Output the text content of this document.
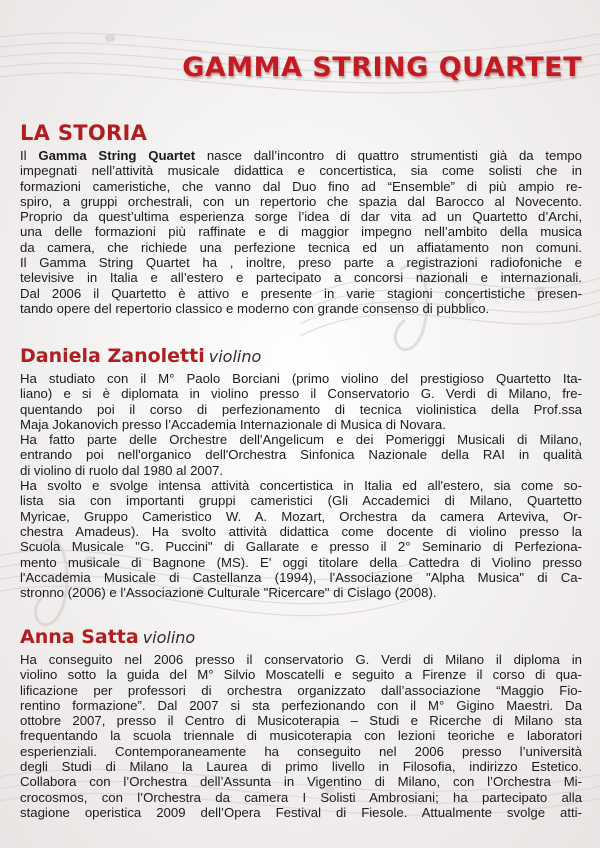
GAMMA STRING QUARTET
LA STORIA

Il Gamma String Quartet nasce dall’incontro di quattro strumentisti già da tempo
impegnati nell’attività musicale didattica e concertistica, sia come solisti che in
formazioni cameristiche, che vanno dal Duo fino ad “Ensemble” di più ampio re-
spiro, a gruppi orchestrali, con un repertorio che spazia dal Barocco al Novecento.
Proprio da quest’ultima esperienza sorge l’idea di dar vita ad un Quartetto d’Archi,
una delle formazioni più raffinate e di maggior impegno nell’ambito della musica
da camera, che richiede una perfezione tecnica ed un affiatamento non comuni.
Il Gamma String Quartet ha , inoltre, preso parte a registrazioni radiofoniche e
televisive in Italia e all’estero e partecipato a concorsi nazionali e internazionali.
Dal 2006 il Quartetto è attivo e presente in varie stagioni concertistiche presen-
tando opere del repertorio classico e moderno con grande consenso di pubblico.

Daniela Zanoletti violino

Ha studiato con il M° Paolo Borciani (primo violino del prestigioso Quartetto Ita-
liano) e si è diplomata in violino presso il Conservatorio G. Verdi di Milano, fre-
quentando poi il corso di perfezionamento di tecnica violinistica della Prof.ssa
Maja Jokanovich presso l’Accademia Internazionale di Musica di Novara.
Ha fatto parte delle Orchestre dell'Angelicum e dei Pomeriggi Musicali di Milano,
entrando poi nell'organico dell'Orchestra Sinfonica Nazionale della RAI in qualità
di violino di ruolo dal 1980 al 2007.
Ha svolto e svolge intensa attività concertistica in Italia ed all'estero, sia come so-
lista sia con importanti gruppi cameristici (Gli Accademici di Milano, Quartetto
Myricae, Gruppo Cameristico W. A. Mozart, Orchestra da camera Arteviva, Or-
chestra Amadeus). Ha svolto attività didattica come docente di violino presso la
Scuola Musicale "G. Puccini" di Gallarate e presso il 2° Seminario di Perfeziona-
mento musicale di Bagnone (MS). E' oggi titolare della Cattedra di Violino presso
l'Accademia Musicale di Castellanza (1994), l'Associazione "Alpha Musica" di Ca-
stronno (2006) e l'Associazione Culturale "Ricercare" di Cislago (2008).

Anna Satta violino

Ha conseguito nel 2006 presso il conservatorio G. Verdi di Milano il diploma in
violino sotto la guida del M° Silvio Moscatelli e seguito a Firenze il corso di qua-
lificazione per professori di orchestra organizzato dall’associazione “Maggio Fio-
rentino formazione”. Dal 2007 si sta perfezionando con il M° Gigino Maestri. Da
ottobre 2007, presso il Centro di Musicoterapia – Studi e Ricerche di Milano sta
frequentando la scuola triennale di musicoterapia con lezioni teoriche e laboratori
esperienziali. Contemporaneamente ha conseguito nel 2006 presso l’università
degli Studi di Milano la Laurea di primo livello in Filosofia, indirizzo Estetico.
Collabora con l’Orchestra dell’Assunta in Vigentino di Milano, con l’Orchestra Mi-
crocosmos, con l’Orchestra da camera I Solisti Ambrosiani; ha partecipato alla
stagione operistica 2009 dell’Opera Festival di Fiesole. Attualmente svolge atti-
